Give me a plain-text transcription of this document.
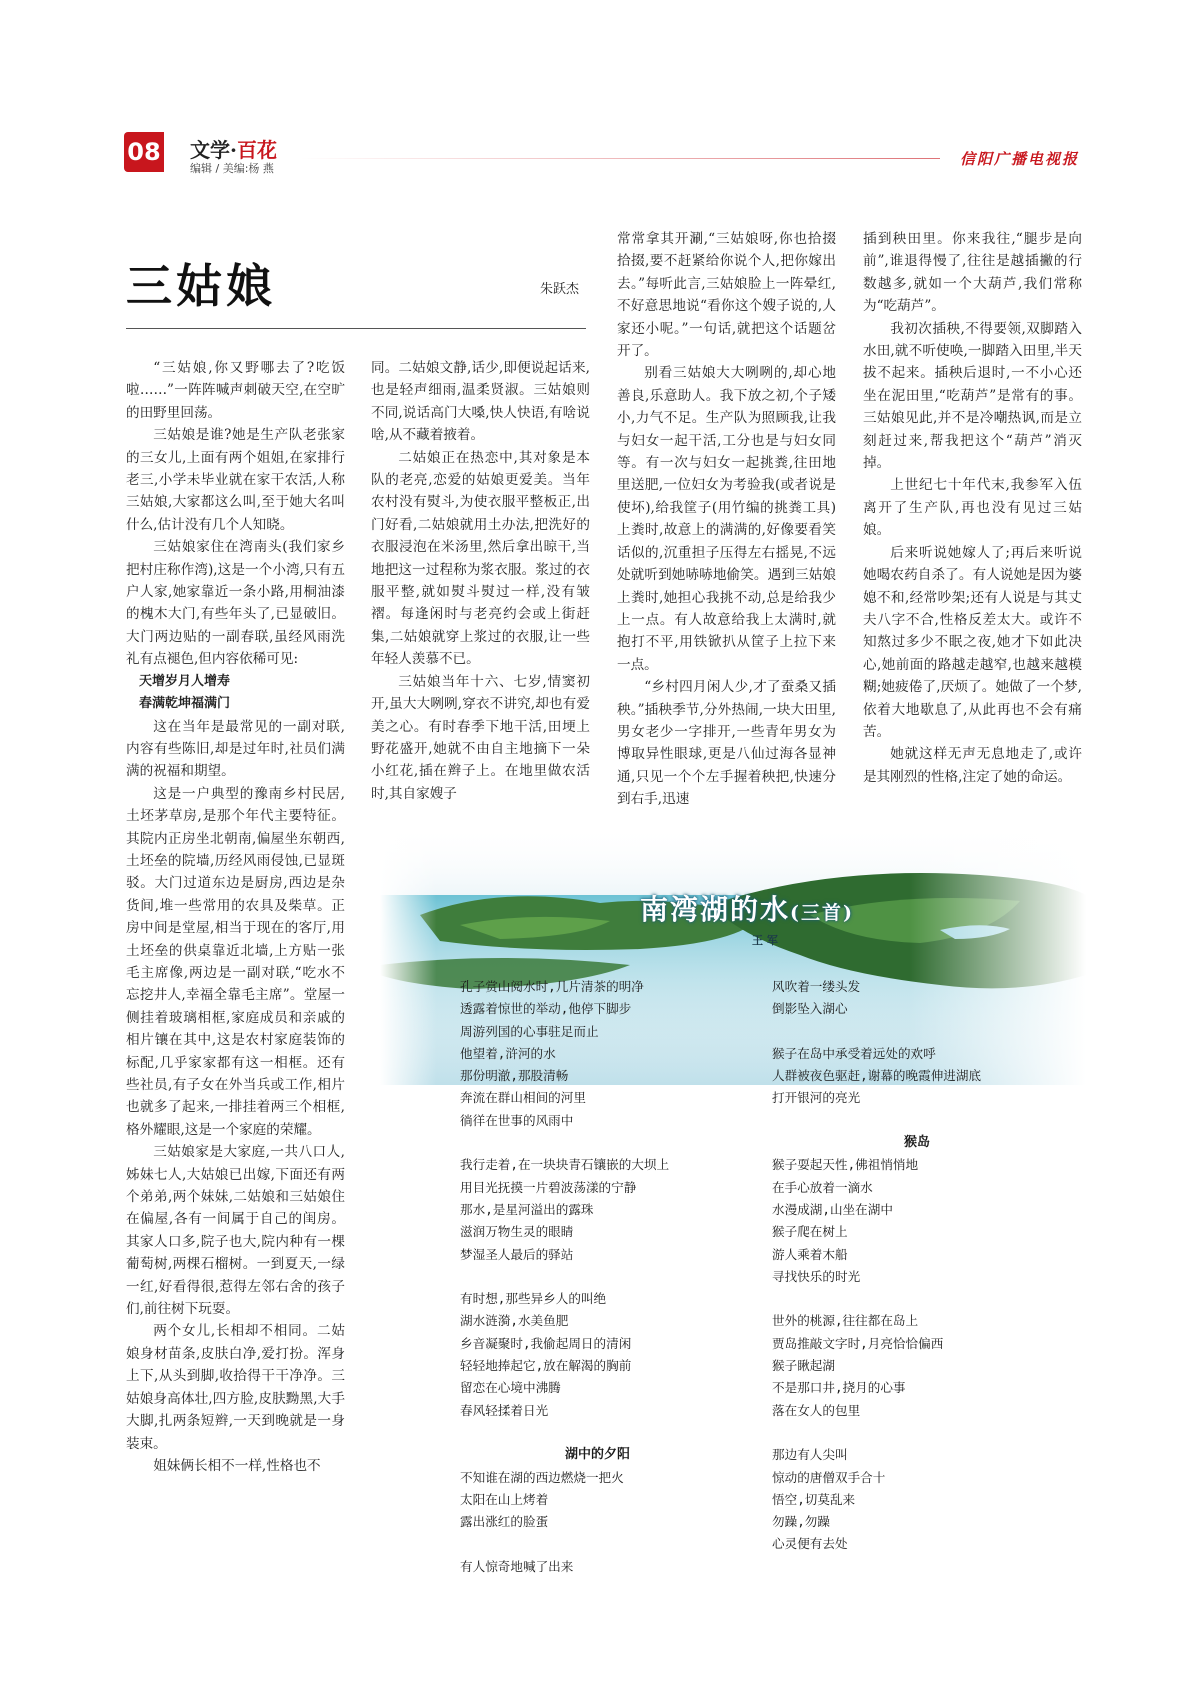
08 文学·百花
编辑 / 美编:杨 燕
信阳广播电视报
三姑娘	朱跃杰

“三姑娘,你又野哪去了?吃饭啦……”一阵阵喊声刺破天空,在空旷的田野里回荡。

三姑娘是谁?她是生产队老张家的三女儿,上面有两个姐姐,在家排行老三,小学未毕业就在家干农活,人称三姑娘,大家都这么叫,至于她大名叫什么,估计没有几个人知晓。

三姑娘家住在湾南头(我们家乡把村庄称作湾),这是一个小湾,只有五户人家,她家靠近一条小路,用桐油漆的槐木大门,有些年头了,已显破旧。大门两边贴的一副春联,虽经风雨洗礼有点褪色,但内容依稀可见:

天增岁月人增寿

春满乾坤福满门

这在当年是最常见的一副对联,内容有些陈旧,却是过年时,社员们满满的祝福和期望。

这是一户典型的豫南乡村民居,土坯茅草房,是那个年代主要特征。其院内正房坐北朝南,偏屋坐东朝西,土坯垒的院墙,历经风雨侵蚀,已显斑驳。大门过道东边是厨房,西边是杂货间,堆一些常用的农具及柴草。正房中间是堂屋,相当于现在的客厅,用土坯垒的供桌靠近北墙,上方贴一张毛主席像,两边是一副对联,“吃水不忘挖井人,幸福全靠毛主席”。堂屋一侧挂着玻璃相框,家庭成员和亲戚的相片镶在其中,这是农村家庭装饰的标配,几乎家家都有这一相框。还有些社员,有子女在外当兵或工作,相片也就多了起来,一排挂着两三个相框,格外耀眼,这是一个家庭的荣耀。

三姑娘家是大家庭,一共八口人,姊妹七人,大姑娘已出嫁,下面还有两个弟弟,两个妹妹,二姑娘和三姑娘住在偏屋,各有一间属于自己的闺房。其家人口多,院子也大,院内种有一棵葡萄树,两棵石榴树。一到夏天,一绿一红,好看得很,惹得左邻右舍的孩子们,前往树下玩耍。

两个女儿,长相却不相同。二姑娘身材苗条,皮肤白净,爱打扮。浑身上下,从头到脚,收拾得干干净净。三姑娘身高体壮,四方脸,皮肤黝黑,大手大脚,扎两条短辫,一天到晚就是一身装束。

姐妹俩长相不一样,性格也不

同。二姑娘文静,话少,即便说起话来,也是轻声细雨,温柔贤淑。三姑娘则不同,说话高门大嗓,快人快语,有啥说啥,从不藏着掖着。

二姑娘正在热恋中,其对象是本队的老亮,恋爱的姑娘更爱美。当年农村没有熨斗,为使衣服平整板正,出门好看,二姑娘就用土办法,把洗好的衣服浸泡在米汤里,然后拿出晾干,当地把这一过程称为浆衣服。浆过的衣服平整,就如熨斗熨过一样,没有皱褶。每逢闲时与老亮约会或上街赶集,二姑娘就穿上浆过的衣服,让一些年轻人羡慕不已。

三姑娘当年十六、七岁,情窦初开,虽大大咧咧,穿衣不讲究,却也有爱美之心。有时春季下地干活,田埂上野花盛开,她就不由自主地摘下一朵小红花,插在辫子上。在地里做农活时,其自家嫂子

常常拿其开涮,“三姑娘呀,你也拾掇拾掇,要不赶紧给你说个人,把你嫁出去。”每听此言,三姑娘脸上一阵晕红,不好意思地说“看你这个嫂子说的,人家还小呢。”一句话,就把这个话题岔开了。

别看三姑娘大大咧咧的,却心地善良,乐意助人。我下放之初,个子矮小,力气不足。生产队为照顾我,让我与妇女一起干活,工分也是与妇女同等。有一次与妇女一起挑粪,往田地里送肥,一位妇女为考验我(或者说是使坏),给我筐子(用竹编的挑粪工具)上粪时,故意上的满满的,好像要看笑话似的,沉重担子压得左右摇晃,不远处就听到她哧哧地偷笑。遇到三姑娘上粪时,她担心我挑不动,总是给我少上一点。有人故意给我上太满时,就抱打不平,用铁锨扒从筐子上拉下来一点。

“乡村四月闲人少,才了蚕桑又插秧。”插秧季节,分外热闹,一块大田里,男女老少一字排开,一些青年男女为博取异性眼球,更是八仙过海各显神通,只见一个个左手握着秧把,快速分到右手,迅速

插到秧田里。你来我往,“腿步是向前”,谁退得慢了,往往是越插撇的行数越多,就如一个大葫芦,我们常称为“吃葫芦”。

我初次插秧,不得要领,双脚踏入水田,就不听使唤,一脚踏入田里,半天拔不起来。插秧后退时,一不小心还坐在泥田里,“吃葫芦”是常有的事。三姑娘见此,并不是冷嘲热讽,而是立刻赶过来,帮我把这个“葫芦”消灭掉。

上世纪七十年代末,我参军入伍离开了生产队,再也没有见过三姑娘。

后来听说她嫁人了;再后来听说她喝农药自杀了。有人说她是因为婆媳不和,经常吵架;还有人说是与其丈夫八字不合,性格反差太大。或许不知熬过多少不眠之夜,她才下如此决心,她前面的路越走越窄,也越来越模糊;她疲倦了,厌烦了。她做了一个梦,依着大地歇息了,从此再也不会有痛苦。

她就这样无声无息地走了,或许是其刚烈的性格,注定了她的命运。

南湾湖的水(三首)
王 军
孔子赏山阅水时,几片清茶的明净
透露着惊世的举动,他停下脚步
周游列国的心事驻足而止
他望着,浒河的水
那份明澈,那股清畅
奔流在群山相间的河里
徜徉在世事的风雨中
我行走着,在一块块青石镶嵌的大坝上
用目光抚摸一片碧波荡漾的宁静
那水,是星河溢出的露珠
滋润万物生灵的眼睛
梦湿圣人最后的驿站
有时想,那些异乡人的叫绝
湖水涟漪,水美鱼肥
乡音凝聚时,我偷起周日的清闲
轻轻地捧起它,放在解渴的胸前
留恋在心境中沸腾
春风轻揉着日光
湖中的夕阳
不知谁在湖的西边燃烧一把火
太阳在山上烤着
露出涨红的脸蛋
有人惊奇地喊了出来
风吹着一缕头发
倒影坠入湖心
猴子在岛中承受着远处的欢呼
人群被夜色驱赶,谢幕的晚霞伸进湖底
打开银河的亮光
猴岛
猴子耍起天性,佛祖悄悄地
在手心放着一滴水
水漫成湖,山坐在湖中
猴子爬在树上
游人乘着木船
寻找快乐的时光
世外的桃源,往往都在岛上
贾岛推敲文字时,月亮恰恰偏西
猴子瞅起湖
不是那口井,挠月的心事
落在女人的包里
那边有人尖叫
惊动的唐僧双手合十
悟空,切莫乱来
勿躁,勿躁
心灵便有去处
